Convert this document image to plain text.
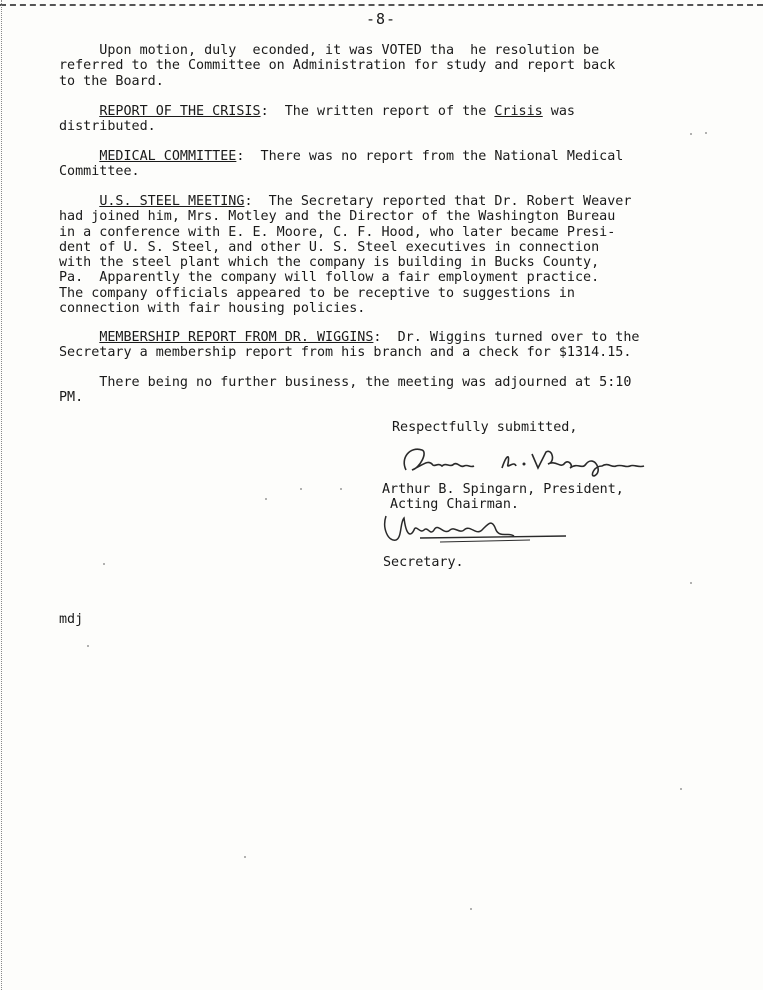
-8-
Upon motion, duly  econded, it was VOTED tha  he resolution be
referred to the Committee on Administration for study and report back
to the Board.
REPORT OF THE CRISIS:  The written report of the Crisis was
distributed.
MEDICAL COMMITTEE:  There was no report from the National Medical
Committee.
U.S. STEEL MEETING:  The Secretary reported that Dr. Robert Weaver
had joined him, Mrs. Motley and the Director of the Washington Bureau
in a conference with E. E. Moore, C. F. Hood, who later became Presi-
dent of U. S. Steel, and other U. S. Steel executives in connection
with the steel plant which the company is building in Bucks County,
Pa.  Apparently the company will follow a fair employment practice.
The company officials appeared to be receptive to suggestions in
connection with fair housing policies.
MEMBERSHIP REPORT FROM DR. WIGGINS:  Dr. Wiggins turned over to the
Secretary a membership report from his branch and a check for $1314.15.
There being no further business, the meeting was adjourned at 5:10
PM.
Respectfully submitted,
Arthur B. Spingarn, President,
Acting Chairman.
Secretary.
mdj
